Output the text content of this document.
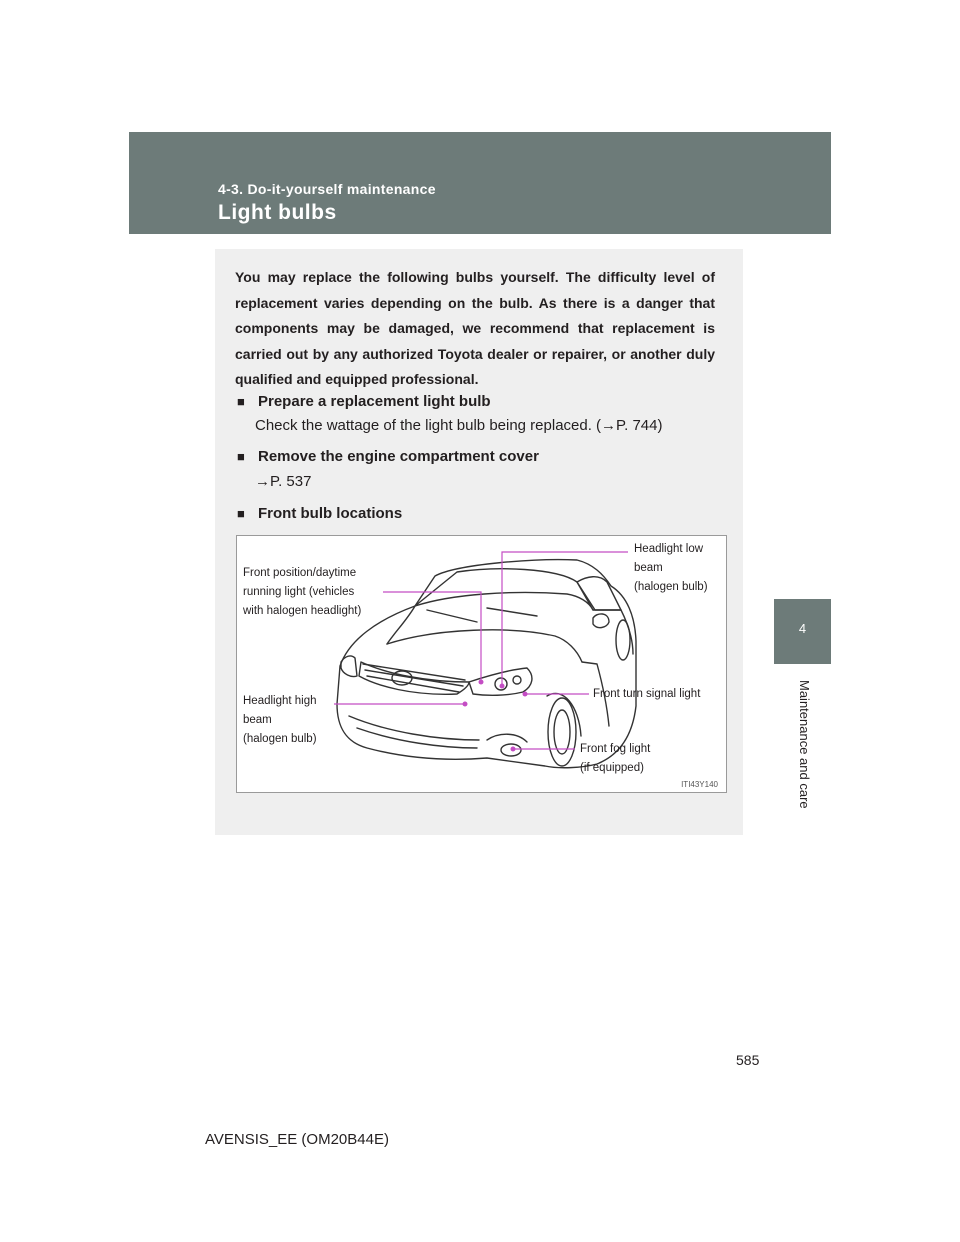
4-3. Do-it-yourself maintenance
Light bulbs
4
Maintenance and care

You may replace the following bulbs yourself. The difficulty level of replacement varies depending on the bulb. As there is a danger that components may be damaged, we recommend that replacement is carried out by any authorized Toyota dealer or repairer, or another duly qualified and equipped professional.

■ Prepare a replacement light bulb
Check the wattage of the light bulb being replaced. (→P. 744)
■ Remove the engine compartment cover
→P. 537
■ Front bulb locations
Front position/daytime
running light (vehicles
with halogen headlight)
Headlight low
beam
(halogen bulb)
Headlight high
beam
(halogen bulb)
Front turn signal light
Front fog light
(if equipped)
ITI43Y140
585
AVENSIS_EE (OM20B44E)
